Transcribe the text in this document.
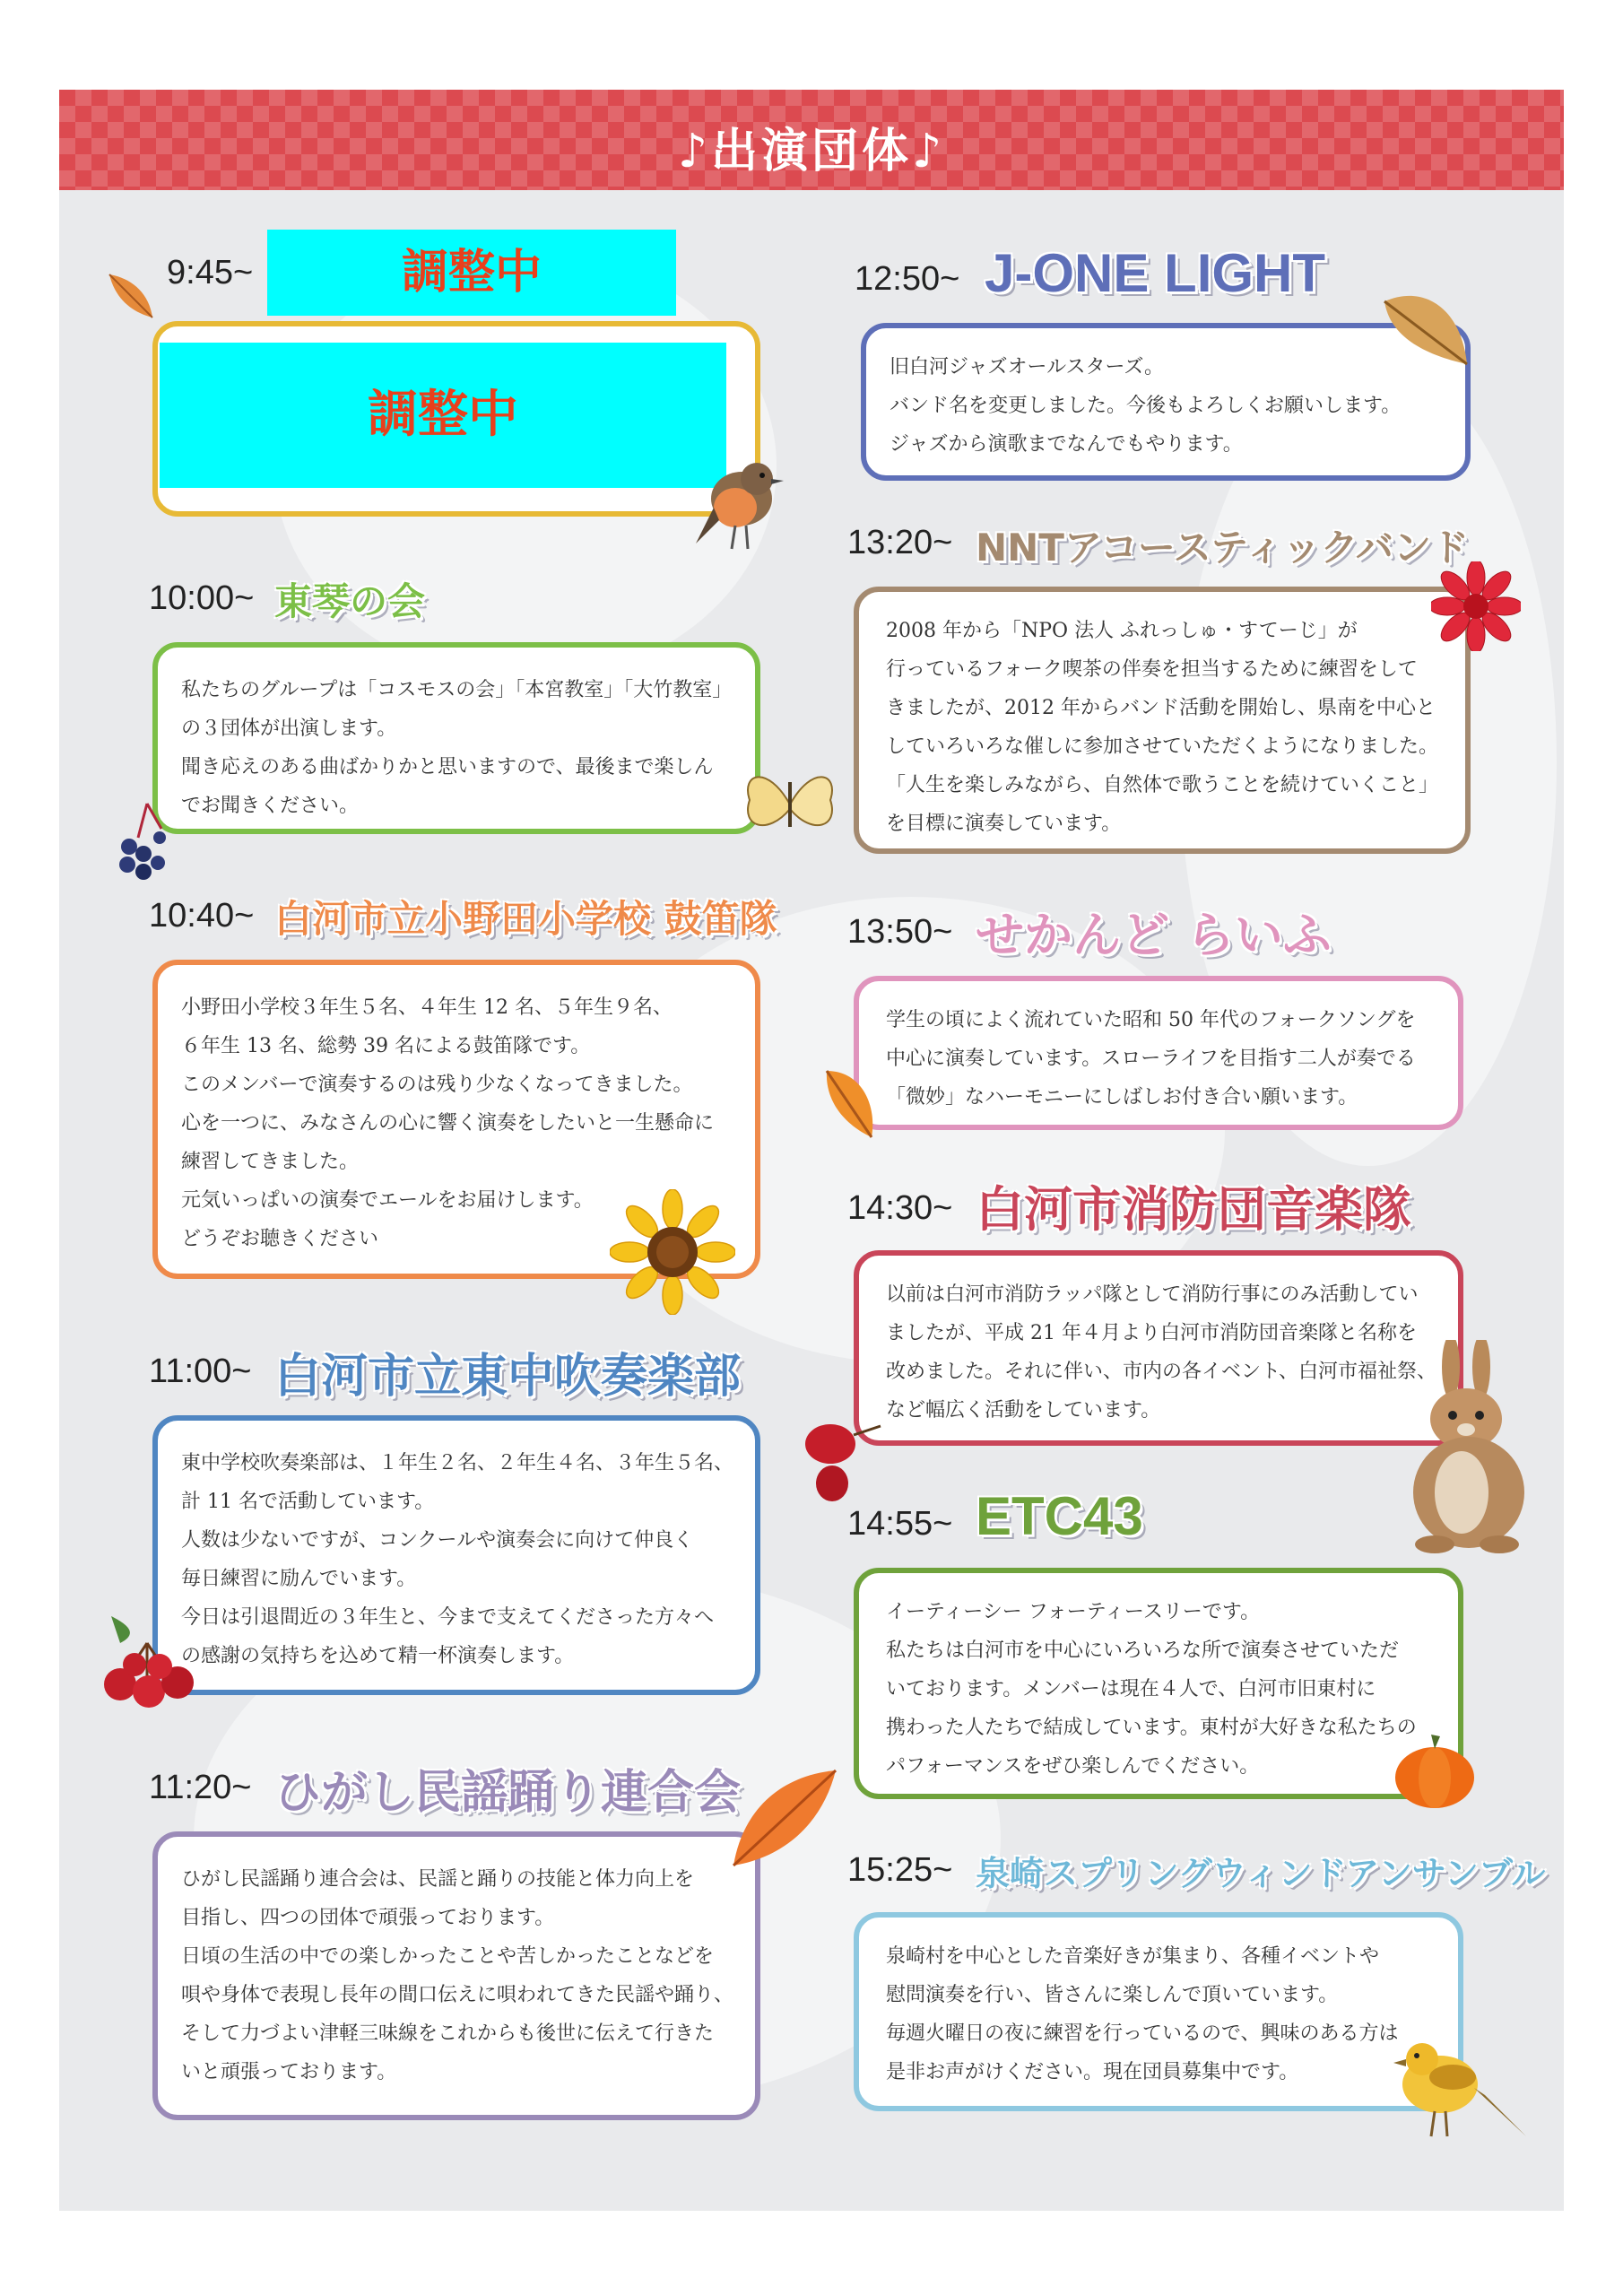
♪出演団体♪
9:45~	調整中
調整中
10:00~ 東琴の会

私たちのグループは「コスモスの会」「本宮教室」「大竹教室」

の３団体が出演します。

聞き応えのある曲ばかりかと思いますので、最後まで楽しん

でお聞きください。

10:40~ 白河市立小野田小学校 鼓笛隊

小野田小学校３年生５名、４年生 12 名、５年生９名、

６年生 13 名、総勢 39 名による鼓笛隊です。

このメンバーで演奏するのは残り少なくなってきました。

心を一つに、みなさんの心に響く演奏をしたいと一生懸命に

練習してきました。

元気いっぱいの演奏でエールをお届けします。

どうぞお聴きください

11:00~ 白河市立東中吹奏楽部

東中学校吹奏楽部は、１年生２名、２年生４名、３年生５名、

計 11 名で活動しています。

人数は少ないですが、コンクールや演奏会に向けて仲良く

毎日練習に励んでいます。

今日は引退間近の３年生と、今まで支えてくださった方々へ

の感謝の気持ちを込めて精一杯演奏します。

11:20~ ひがし民謡踊り連合会

ひがし民謡踊り連合会は、民謡と踊りの技能と体力向上を

目指し、四つの団体で頑張っております。

日頃の生活の中での楽しかったことや苦しかったことなどを

唄や身体で表現し長年の間口伝えに唄われてきた民謡や踊り、

そして力づよい津軽三味線をこれからも後世に伝えて行きた

いと頑張っております。

12:50~ J-ONE LIGHT

旧白河ジャズオールスターズ。

バンド名を変更しました。今後もよろしくお願いします。

ジャズから演歌までなんでもやります。

13:20~ NNTアコースティックバンド

2008 年から「NPO 法人 ふれっしゅ・すてーじ」が

行っているフォーク喫茶の伴奏を担当するために練習をして

きましたが、2012 年からバンド活動を開始し、県南を中心と

していろいろな催しに参加させていただくようになりました。

「人生を楽しみながら、自然体で歌うことを続けていくこと」

を目標に演奏しています。

13:50~ せかんど らいふ

学生の頃によく流れていた昭和 50 年代のフォークソングを

中心に演奏しています。スローライフを目指す二人が奏でる

「微妙」なハーモニーにしばしお付き合い願います。

14:30~ 白河市消防団音楽隊

以前は白河市消防ラッパ隊として消防行事にのみ活動してい

ましたが、平成 21 年４月より白河市消防団音楽隊と名称を

改めました。それに伴い、市内の各イベント、白河市福祉祭、

など幅広く活動をしています。

14:55~ ETC43

イーティーシー フォーティースリーです。

私たちは白河市を中心にいろいろな所で演奏させていただ

いております。メンバーは現在４人で、白河市旧東村に

携わった人たちで結成しています。東村が大好きな私たちの

パフォーマンスをぜひ楽しんでください。

15:25~ 泉崎スプリングウィンドアンサンブル

泉崎村を中心とした音楽好きが集まり、各種イベントや

慰問演奏を行い、皆さんに楽しんで頂いています。

毎週火曜日の夜に練習を行っているので、興味のある方は

是非お声がけください。現在団員募集中です。
